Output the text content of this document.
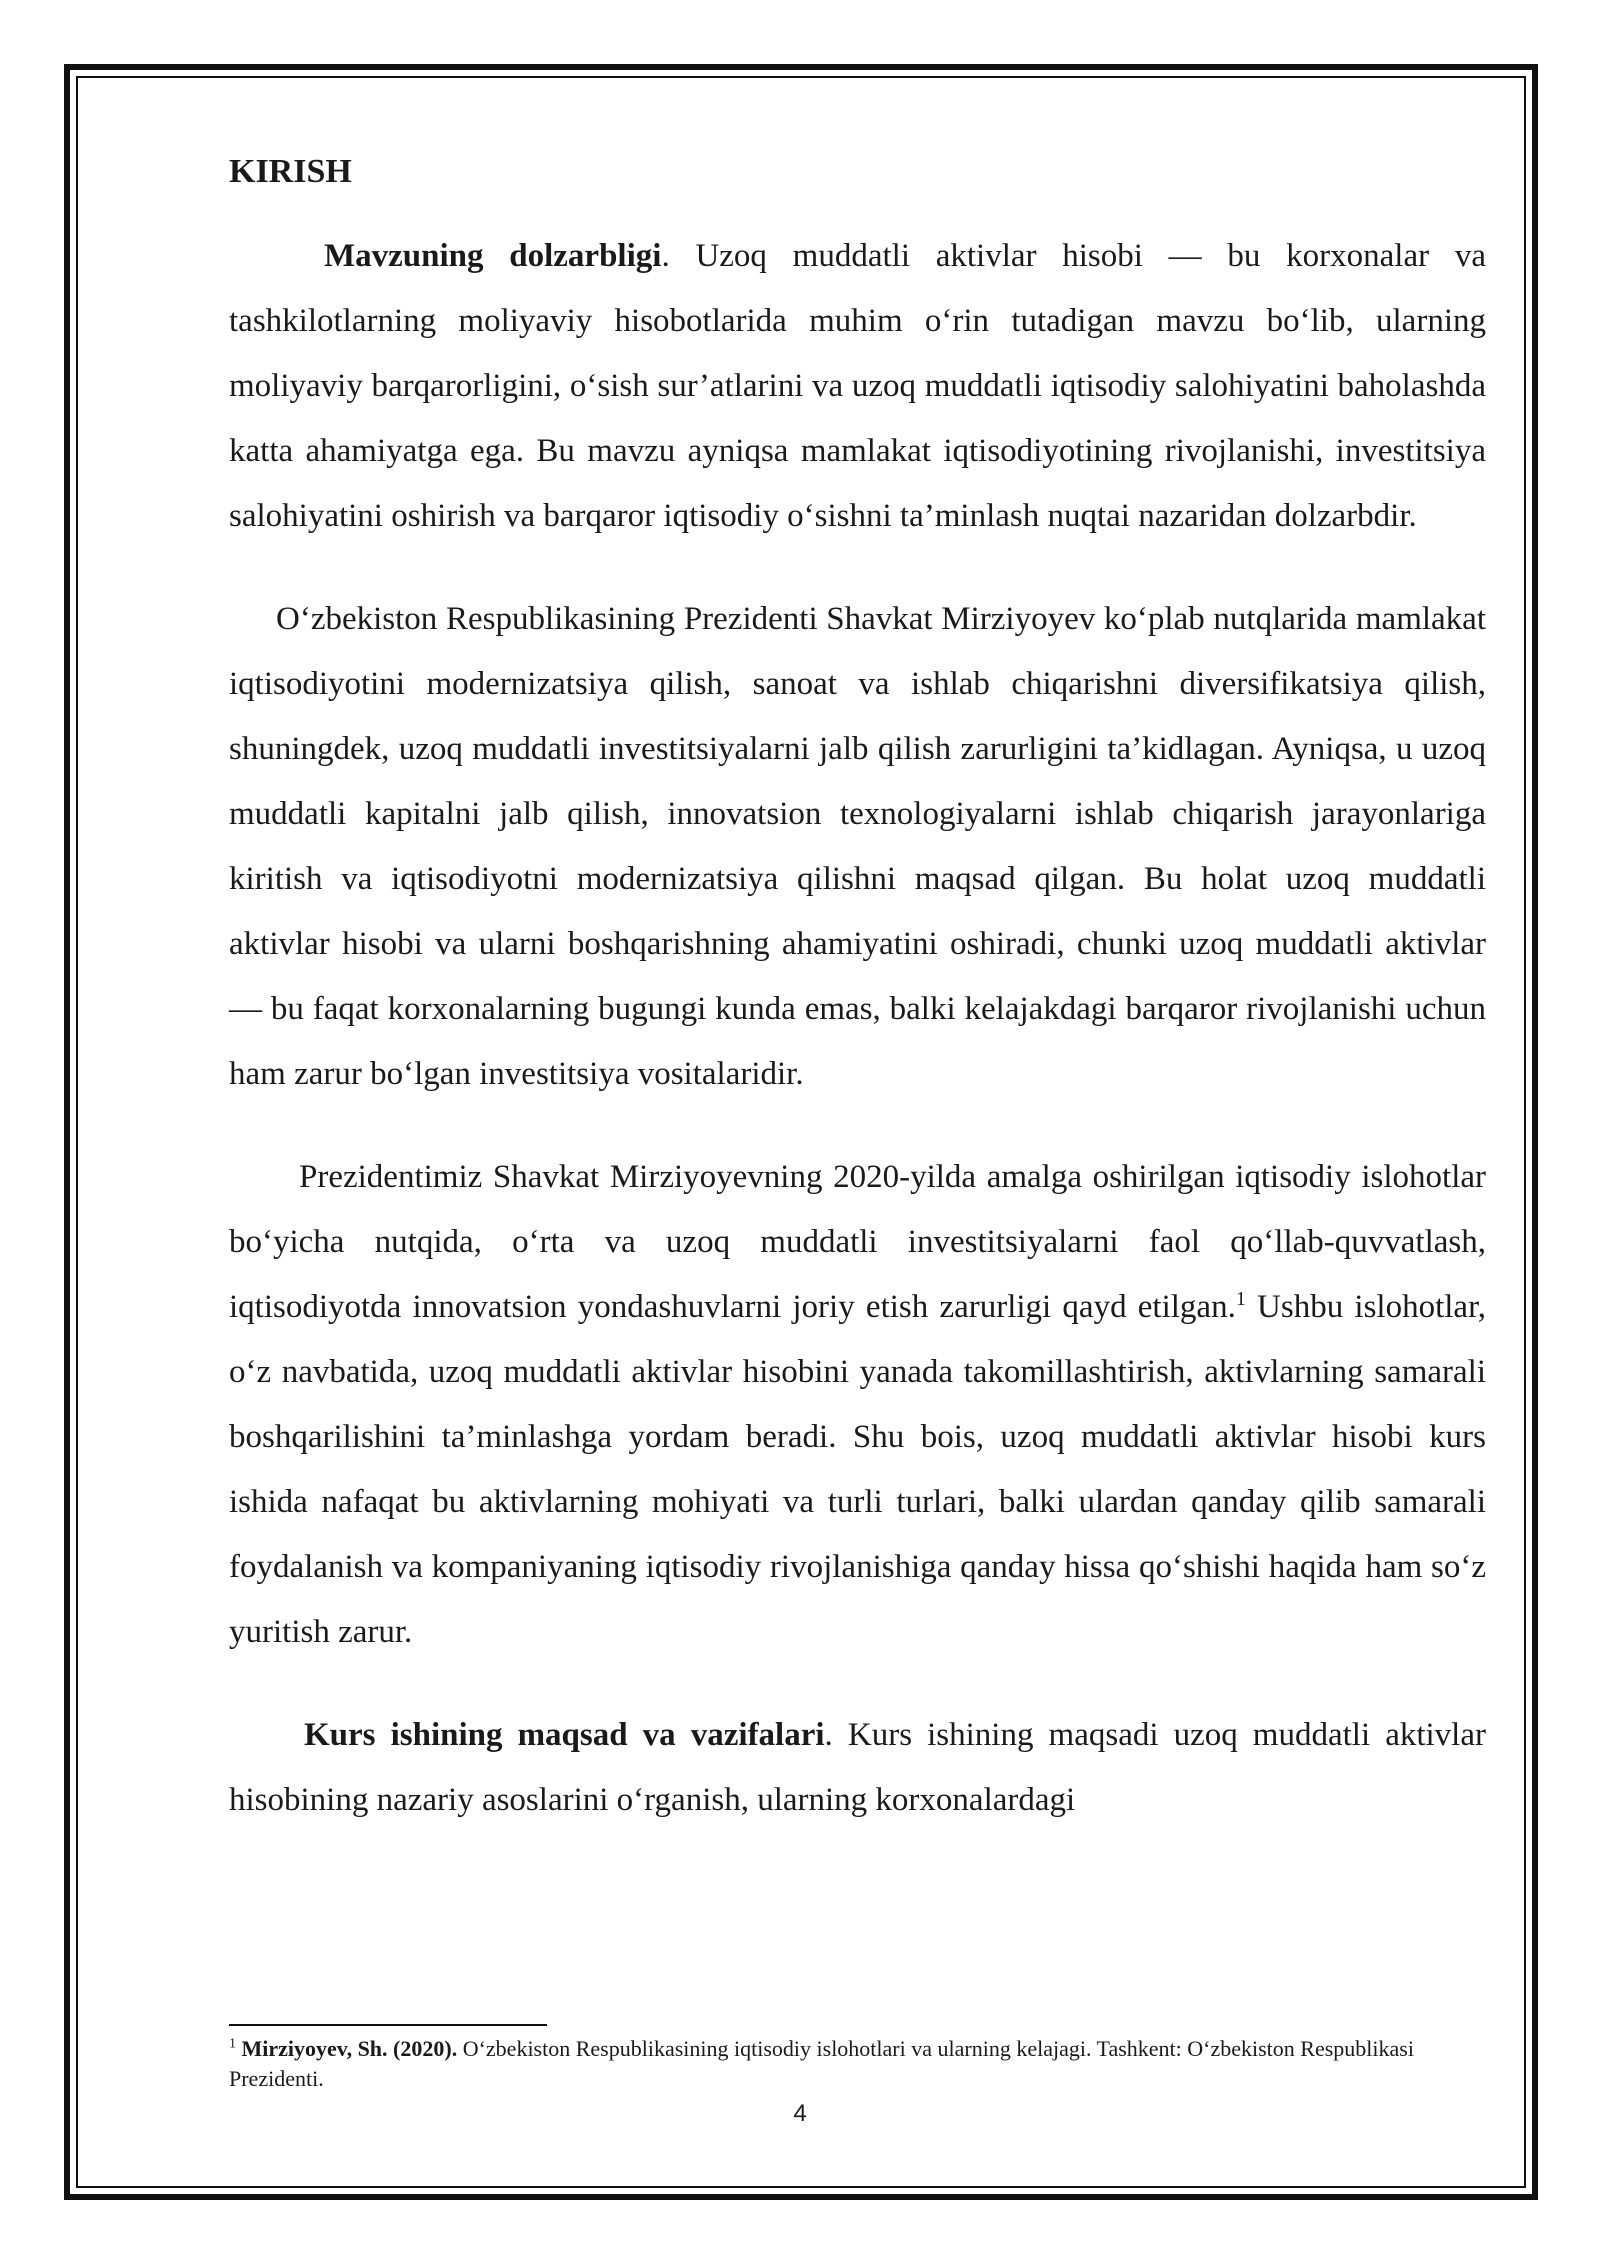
KIRISH

Mavzuning dolzarbligi. Uzoq muddatli aktivlar hisobi — bu korxonalar va tashkilotlarning moliyaviy hisobotlarida muhim oʻrin tutadigan mavzu boʻlib, ularning moliyaviy barqarorligini, oʻsish sur’atlarini va uzoq muddatli iqtisodiy salohiyatini baholashda katta ahamiyatga ega. Bu mavzu ayniqsa mamlakat iqtisodiyotining rivojlanishi, investitsiya salohiyatini oshirish va barqaror iqtisodiy oʻsishni ta’minlash nuqtai nazaridan dolzarbdir.

Oʻzbekiston Respublikasining Prezidenti Shavkat Mirziyoyev koʻplab nutqlarida mamlakat iqtisodiyotini modernizatsiya qilish, sanoat va ishlab chiqarishni diversifikatsiya qilish, shuningdek, uzoq muddatli investitsiyalarni jalb qilish zarurligini ta’kidlagan. Ayniqsa, u uzoq muddatli kapitalni jalb qilish, innovatsion texnologiyalarni ishlab chiqarish jarayonlariga kiritish va iqtisodiyotni modernizatsiya qilishni maqsad qilgan. Bu holat uzoq muddatli aktivlar hisobi va ularni boshqarishning ahamiyatini oshiradi, chunki uzoq muddatli aktivlar — bu faqat korxonalarning bugungi kunda emas, balki kelajakdagi barqaror rivojlanishi uchun ham zarur boʻlgan investitsiya vositalaridir.

Prezidentimiz Shavkat Mirziyoyevning 2020-yilda amalga oshirilgan iqtisodiy islohotlar boʻyicha nutqida, oʻrta va uzoq muddatli investitsiyalarni faol qoʻllab-quvvatlash, iqtisodiyotda innovatsion yondashuvlarni joriy etish zarurligi qayd etilgan.$^1$ Ushbu islohotlar, oʻz navbatida, uzoq muddatli aktivlar hisobini yanada takomillashtirish, aktivlarning samarali boshqarilishini ta’minlashga yordam beradi. Shu bois, uzoq muddatli aktivlar hisobi kurs ishida nafaqat bu aktivlarning mohiyati va turli turlari, balki ulardan qanday qilib samarali foydalanish va kompaniyaning iqtisodiy rivojlanishiga qanday hissa qoʻshishi haqida ham soʻz yuritish zarur.

Kurs ishining maqsad va vazifalari. Kurs ishining maqsadi uzoq muddatli aktivlar hisobining nazariy asoslarini oʻrganish, ularning korxonalardagi

$^1$ Mirziyoyev, Sh. (2020). Oʻzbekiston Respublikasining iqtisodiy islohotlari va ularning kelajagi. Tashkent: Oʻzbekiston Respublikasi Prezidenti.
4
